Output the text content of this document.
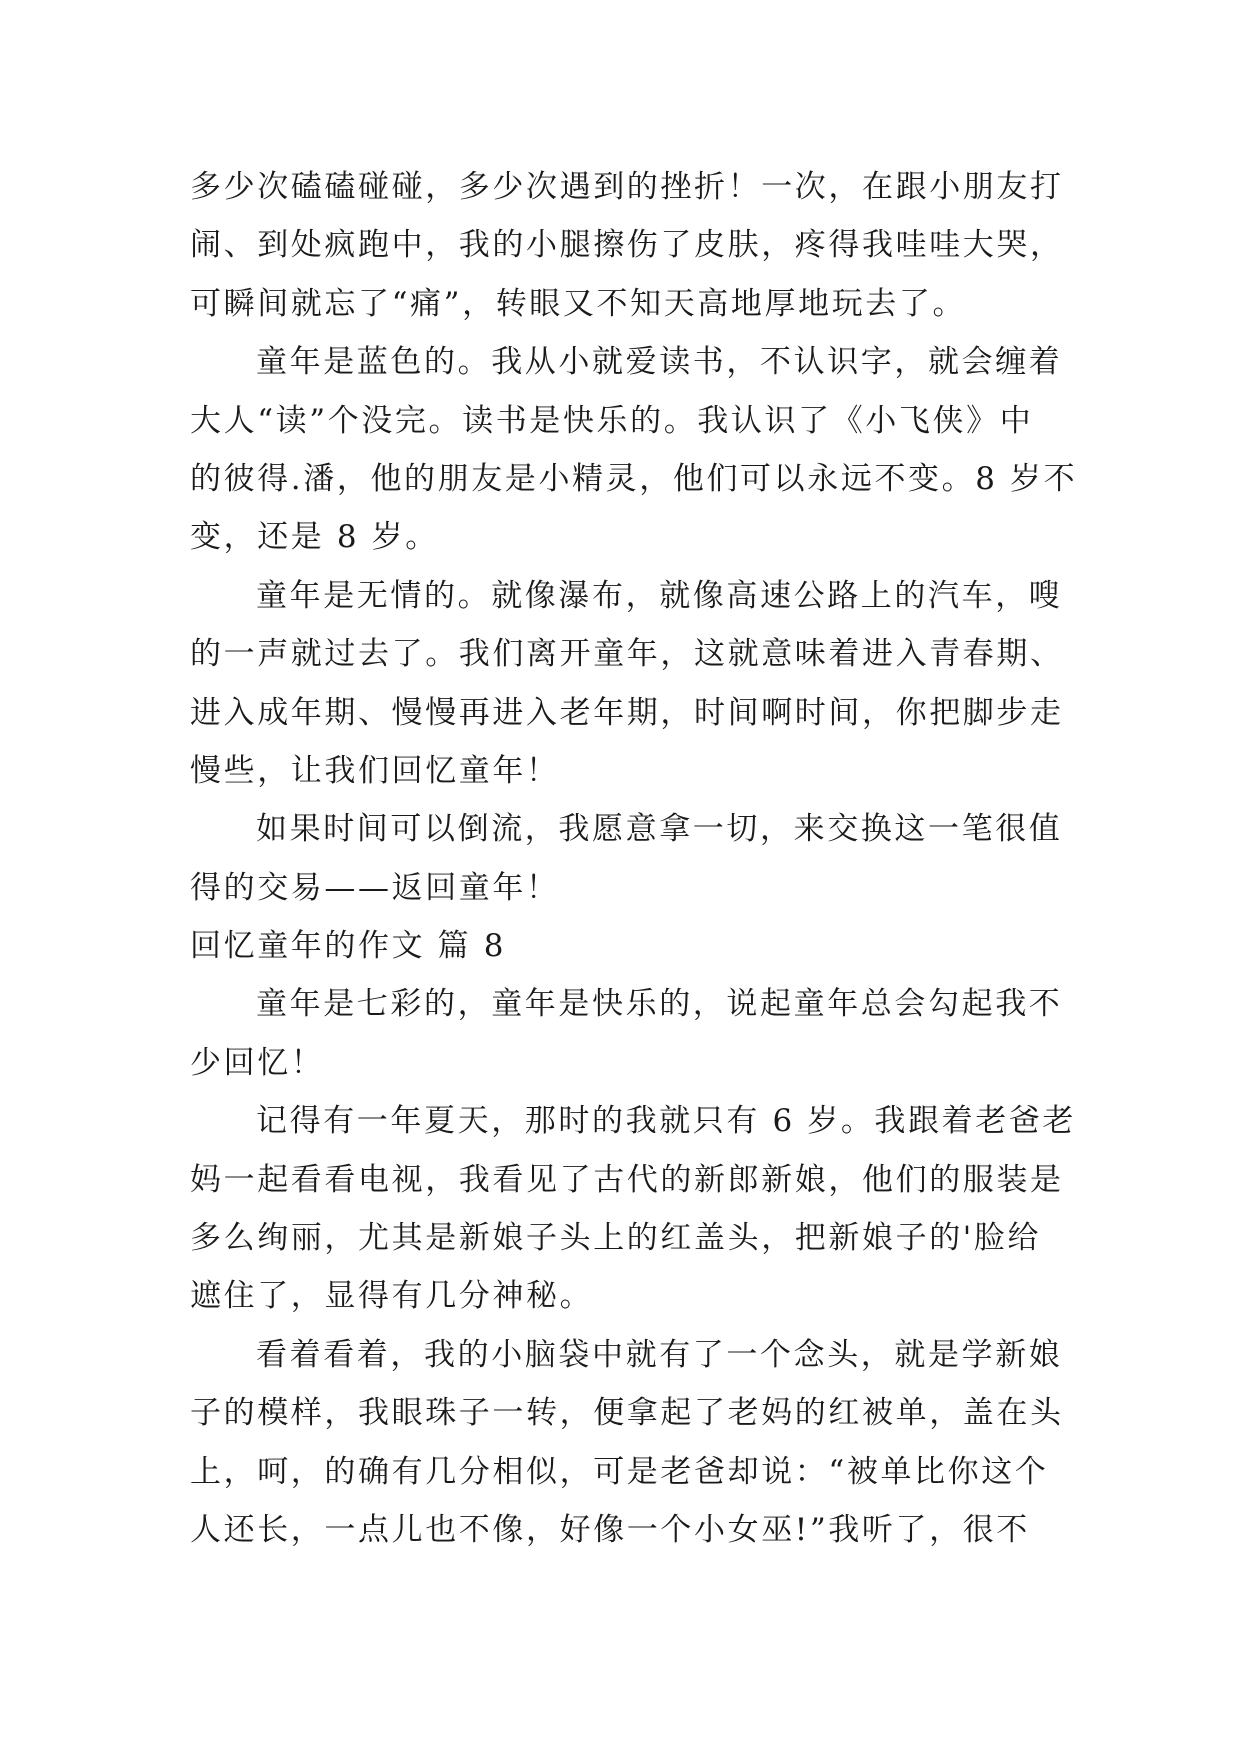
多少次磕磕碰碰，多少次遇到的挫折！一次，在跟小朋友打
闹、到处疯跑中，我的小腿擦伤了皮肤，疼得我哇哇大哭，
可瞬间就忘了“痛”，转眼又不知天高地厚地玩去了。
童年是蓝色的。我从小就爱读书，不认识字，就会缠着
大人“读”个没完。读书是快乐的。我认识了《小飞侠》中
的彼得.潘，他的朋友是小精灵，他们可以永远不变。8 岁不
变，还是 8 岁。
童年是无情的。就像瀑布，就像高速公路上的汽车，嗖
的一声就过去了。我们离开童年，这就意味着进入青春期、
进入成年期、慢慢再进入老年期，时间啊时间，你把脚步走
慢些，让我们回忆童年！
如果时间可以倒流，我愿意拿一切，来交换这一笔很值
得的交易——返回童年！
回忆童年的作文 篇 8
童年是七彩的，童年是快乐的，说起童年总会勾起我不
少回忆！
记得有一年夏天，那时的我就只有 6 岁。我跟着老爸老
妈一起看看电视，我看见了古代的新郎新娘，他们的服装是
多么绚丽，尤其是新娘子头上的红盖头，把新娘子的'脸给
遮住了，显得有几分神秘。
看着看着，我的小脑袋中就有了一个念头，就是学新娘
子的模样，我眼珠子一转，便拿起了老妈的红被单，盖在头
上，呵，的确有几分相似，可是老爸却说：“被单比你这个
人还长，一点儿也不像，好像一个小女巫!”我听了，很不
